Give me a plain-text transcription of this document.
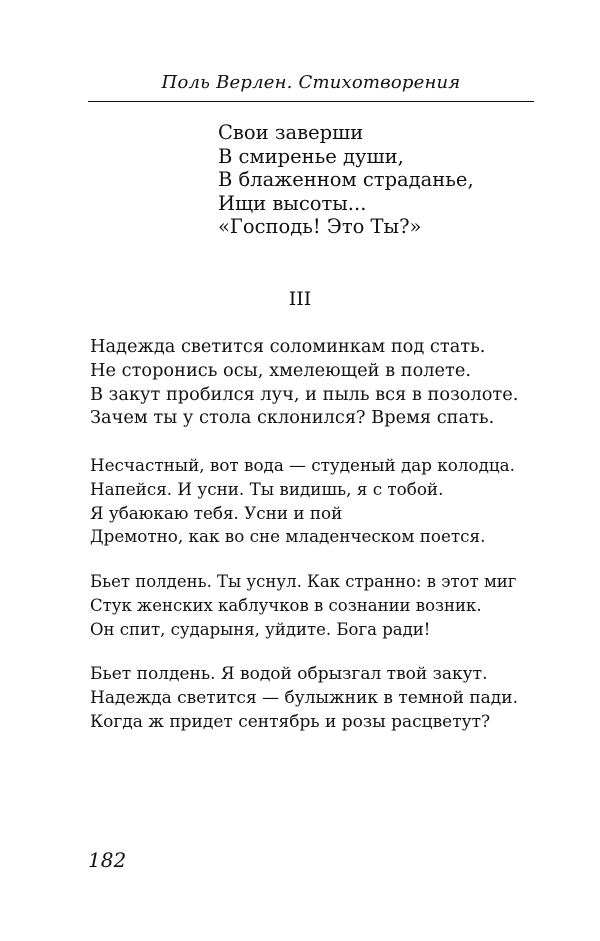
Поль Верлен. Стихотворения
Свои заверши
В смиренье души,
В блаженном страданье,
Ищи высоты...
«Господь! Это Ты?»
III
Надежда светится соломинкам под стать.
Не сторонись осы, хмелеющей в полете.
В закут пробился луч, и пыль вся в позолоте.
Зачем ты у стола склонился? Время спать.
Несчастный, вот вода — студеный дар колодца.
Напейся. И усни. Ты видишь, я с тобой.
Я убаюкаю тебя. Усни и пой
Дремотно, как во сне младенческом поется.
Бьет полдень. Ты уснул. Как странно: в этот миг
Стук женских каблучков в сознании возник.
Он спит, сударыня, уйдите. Бога ради!
Бьет полдень. Я водой обрызгал твой закут.
Надежда светится — булыжник в темной пади.
Когда ж придет сентябрь и розы расцветут?
182
